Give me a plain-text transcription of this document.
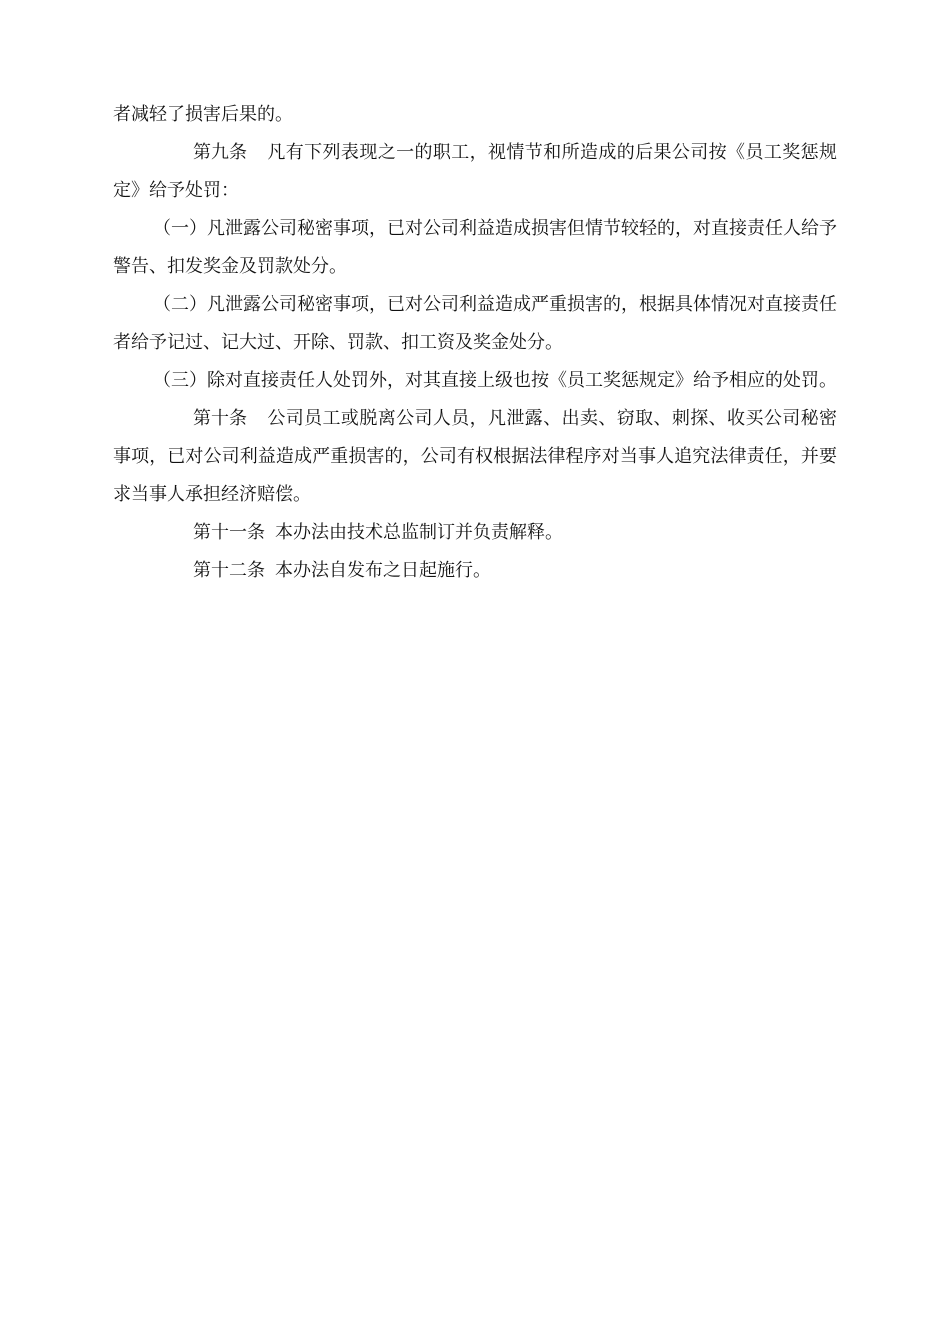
者减轻了损害后果的。

第九条 凡有下列表现之一的职工，视情节和所造成的后果公司按《员工奖惩规定》给予处罚：

（一）凡泄露公司秘密事项，已对公司利益造成损害但情节较轻的，对直接责任人给予警告、扣发奖金及罚款处分。

（二）凡泄露公司秘密事项，已对公司利益造成严重损害的，根据具体情况对直接责任者给予记过、记大过、开除、罚款、扣工资及奖金处分。

（三）除对直接责任人处罚外，对其直接上级也按《员工奖惩规定》给予相应的处罚。

第十条 公司员工或脱离公司人员，凡泄露、出卖、窃取、刺探、收买公司秘密事项，已对公司利益造成严重损害的，公司有权根据法律程序对当事人追究法律责任，并要求当事人承担经济赔偿。

第十一条 本办法由技术总监制订并负责解释。

第十二条 本办法自发布之日起施行。
